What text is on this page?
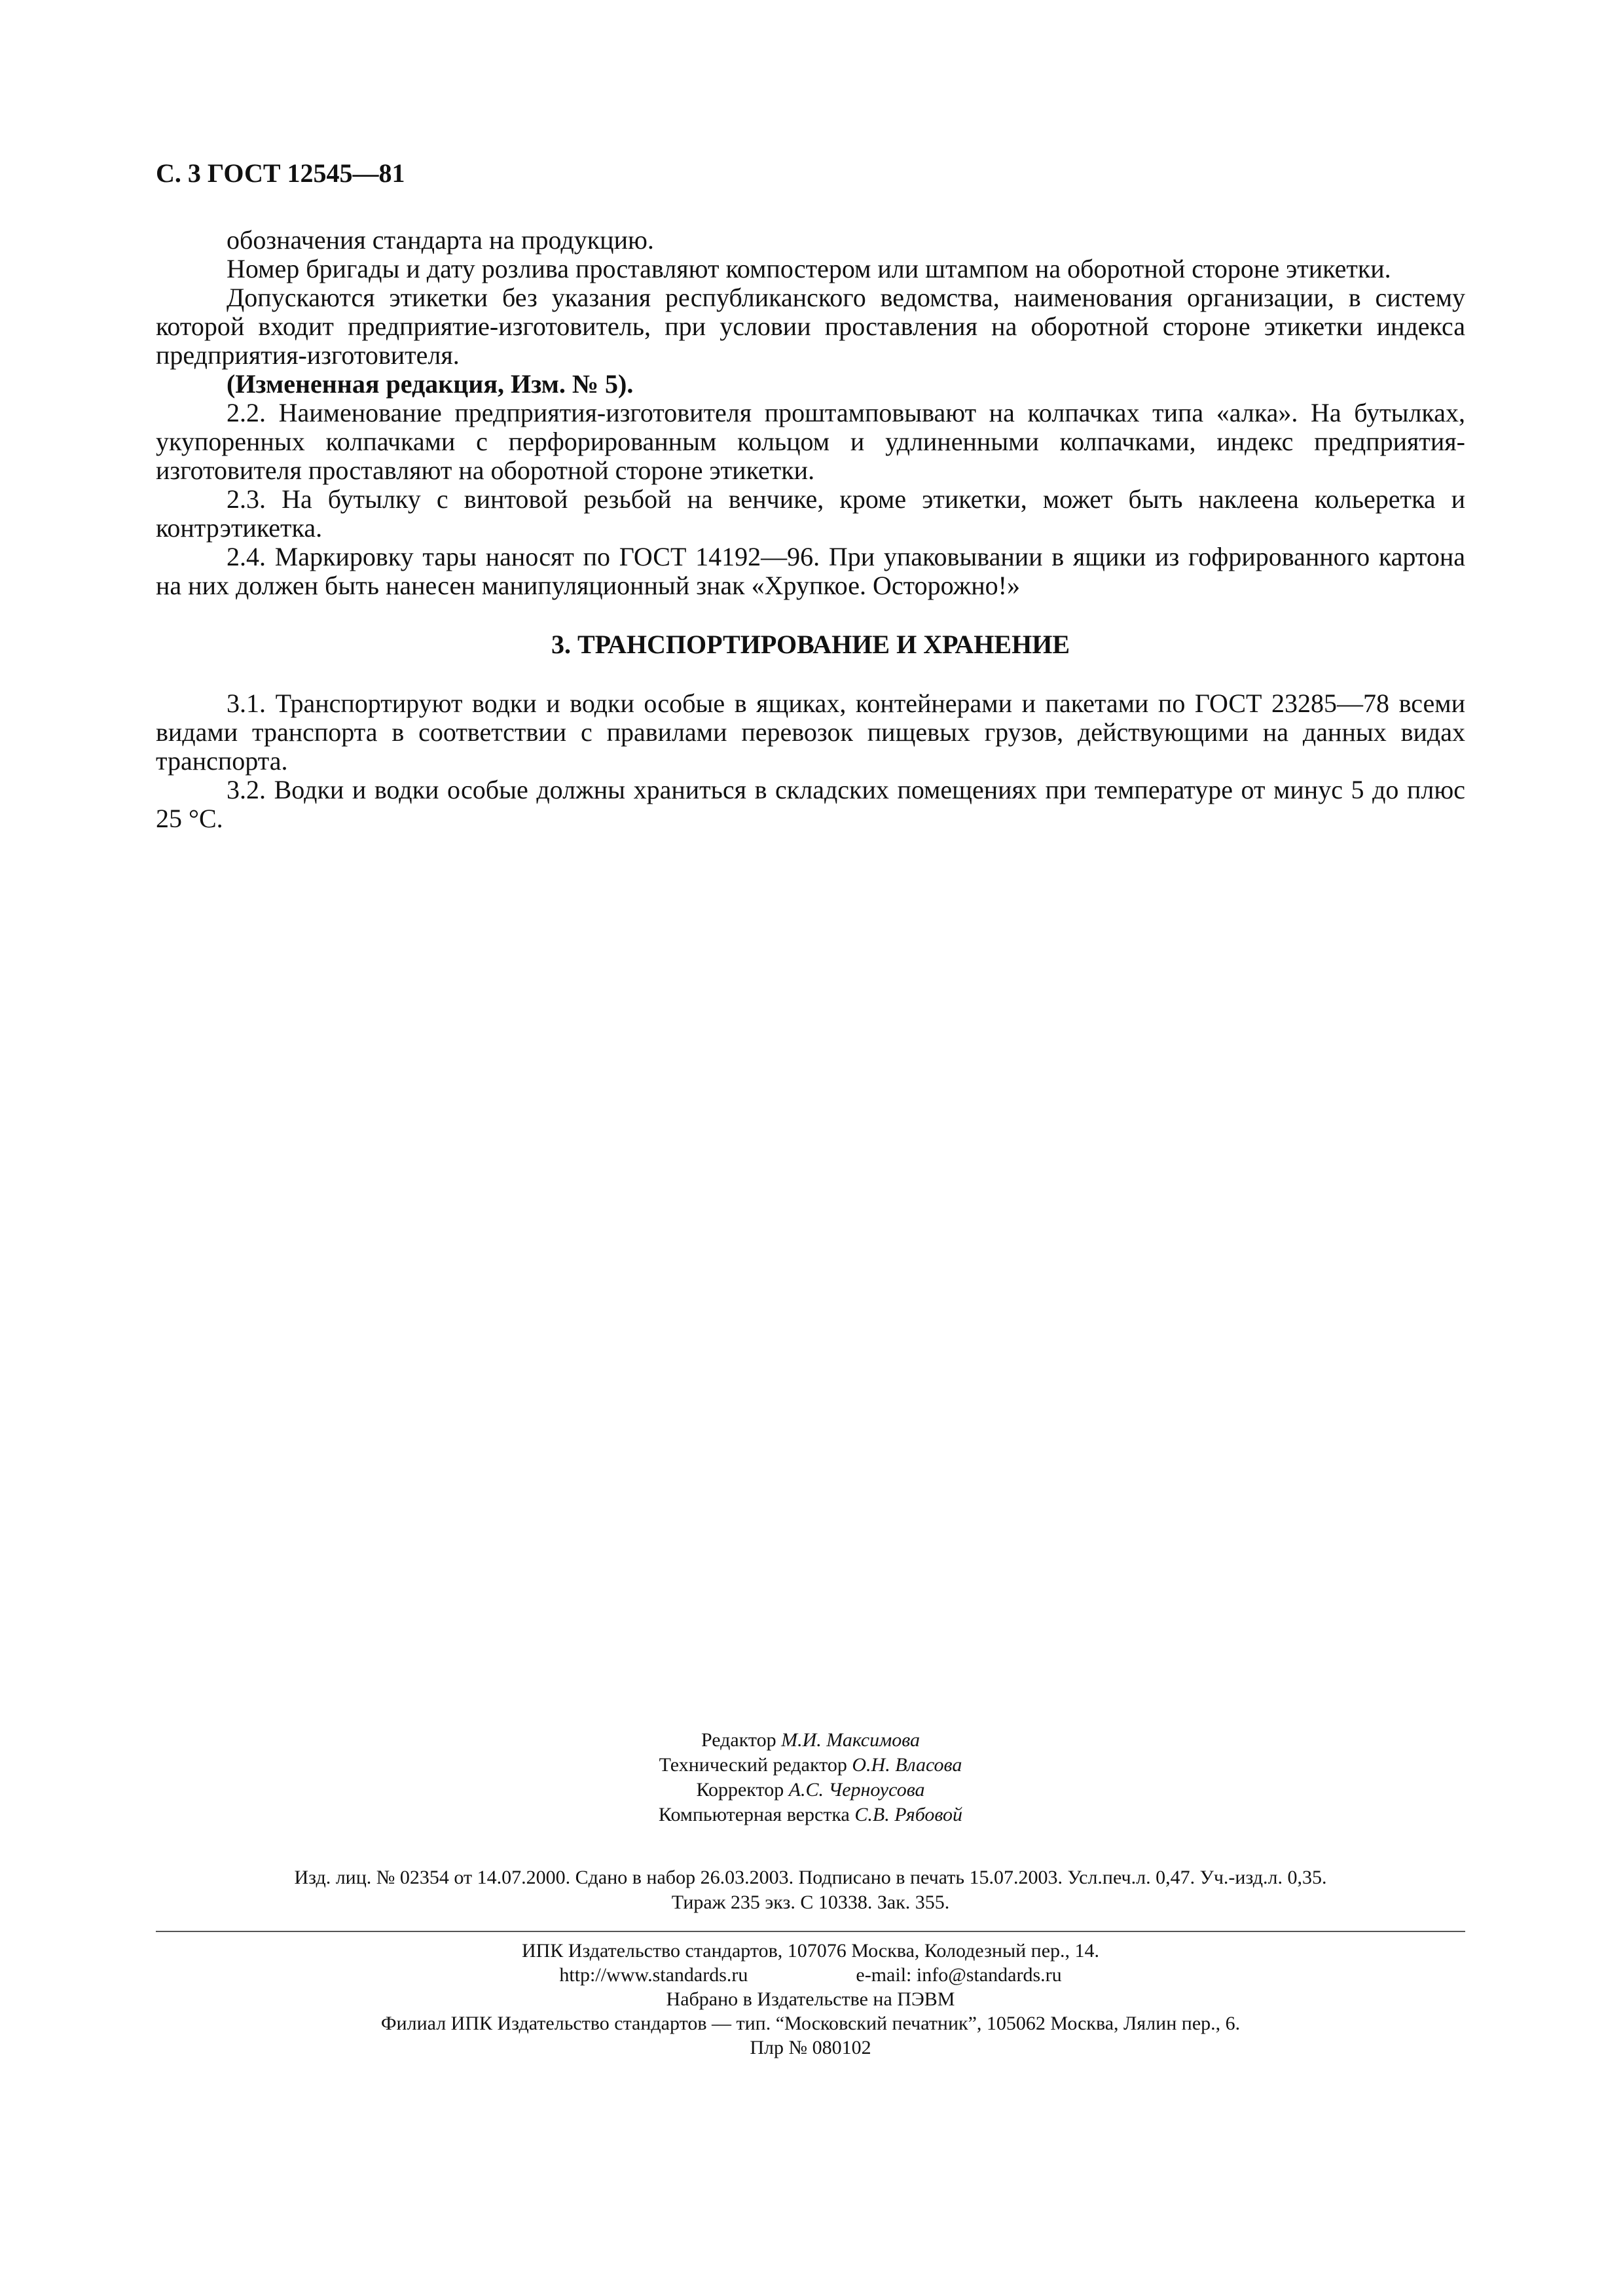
С. 3 ГОСТ 12545—81

обозначения стандарта на продукцию.

Номер бригады и дату розлива проставляют компостером или штампом на оборотной стороне этикетки.

Допускаются этикетки без указания республиканского ведомства, наименования организации, в систему которой входит предприятие-изготовитель, при условии проставления на оборотной стороне этикетки индекса предприятия-изготовителя.

(Измененная редакция, Изм. № 5).

2.2. Наименование предприятия-изготовителя проштамповывают на колпачках типа «алка». На бутылках, укупоренных колпачками с перфорированным кольцом и удлиненными колпачками, индекс предприятия-изготовителя проставляют на оборотной стороне этикетки.

2.3. На бутылку с винтовой резьбой на венчике, кроме этикетки, может быть наклеена кольеретка и контрэтикетка.

2.4. Маркировку тары наносят по ГОСТ 14192—96. При упаковывании в ящики из гофрированного картона на них должен быть нанесен манипуляционный знак «Хрупкое. Осторожно!»

3. ТРАНСПОРТИРОВАНИЕ И ХРАНЕНИЕ

3.1. Транспортируют водки и водки особые в ящиках, контейнерами и пакетами по ГОСТ 23285—78 всеми видами транспорта в соответствии с правилами перевозок пищевых грузов, действующими на данных видах транспорта.

3.2. Водки и водки особые должны храниться в складских помещениях при температуре от минус 5 до плюс 25 °С.

Редактор М.И. Максимова
Технический редактор О.Н. Власова
Корректор А.С. Черноусова
Компьютерная верстка С.В. Рябовой
Изд. лиц. № 02354 от 14.07.2000. Сдано в набор 26.03.2003. Подписано в печать 15.07.2003. Усл.печ.л. 0,47. Уч.-изд.л. 0,35.
Тираж 235 экз. С 10338. Зак. 355.
ИПК Издательство стандартов, 107076 Москва, Колодезный пер., 14.
http://www.standards.ru	e-mail: info@standards.ru
Набрано в Издательстве на ПЭВМ
Филиал ИПК Издательство стандартов — тип. “Московский печатник”, 105062 Москва, Лялин пер., 6.
Плр № 080102
